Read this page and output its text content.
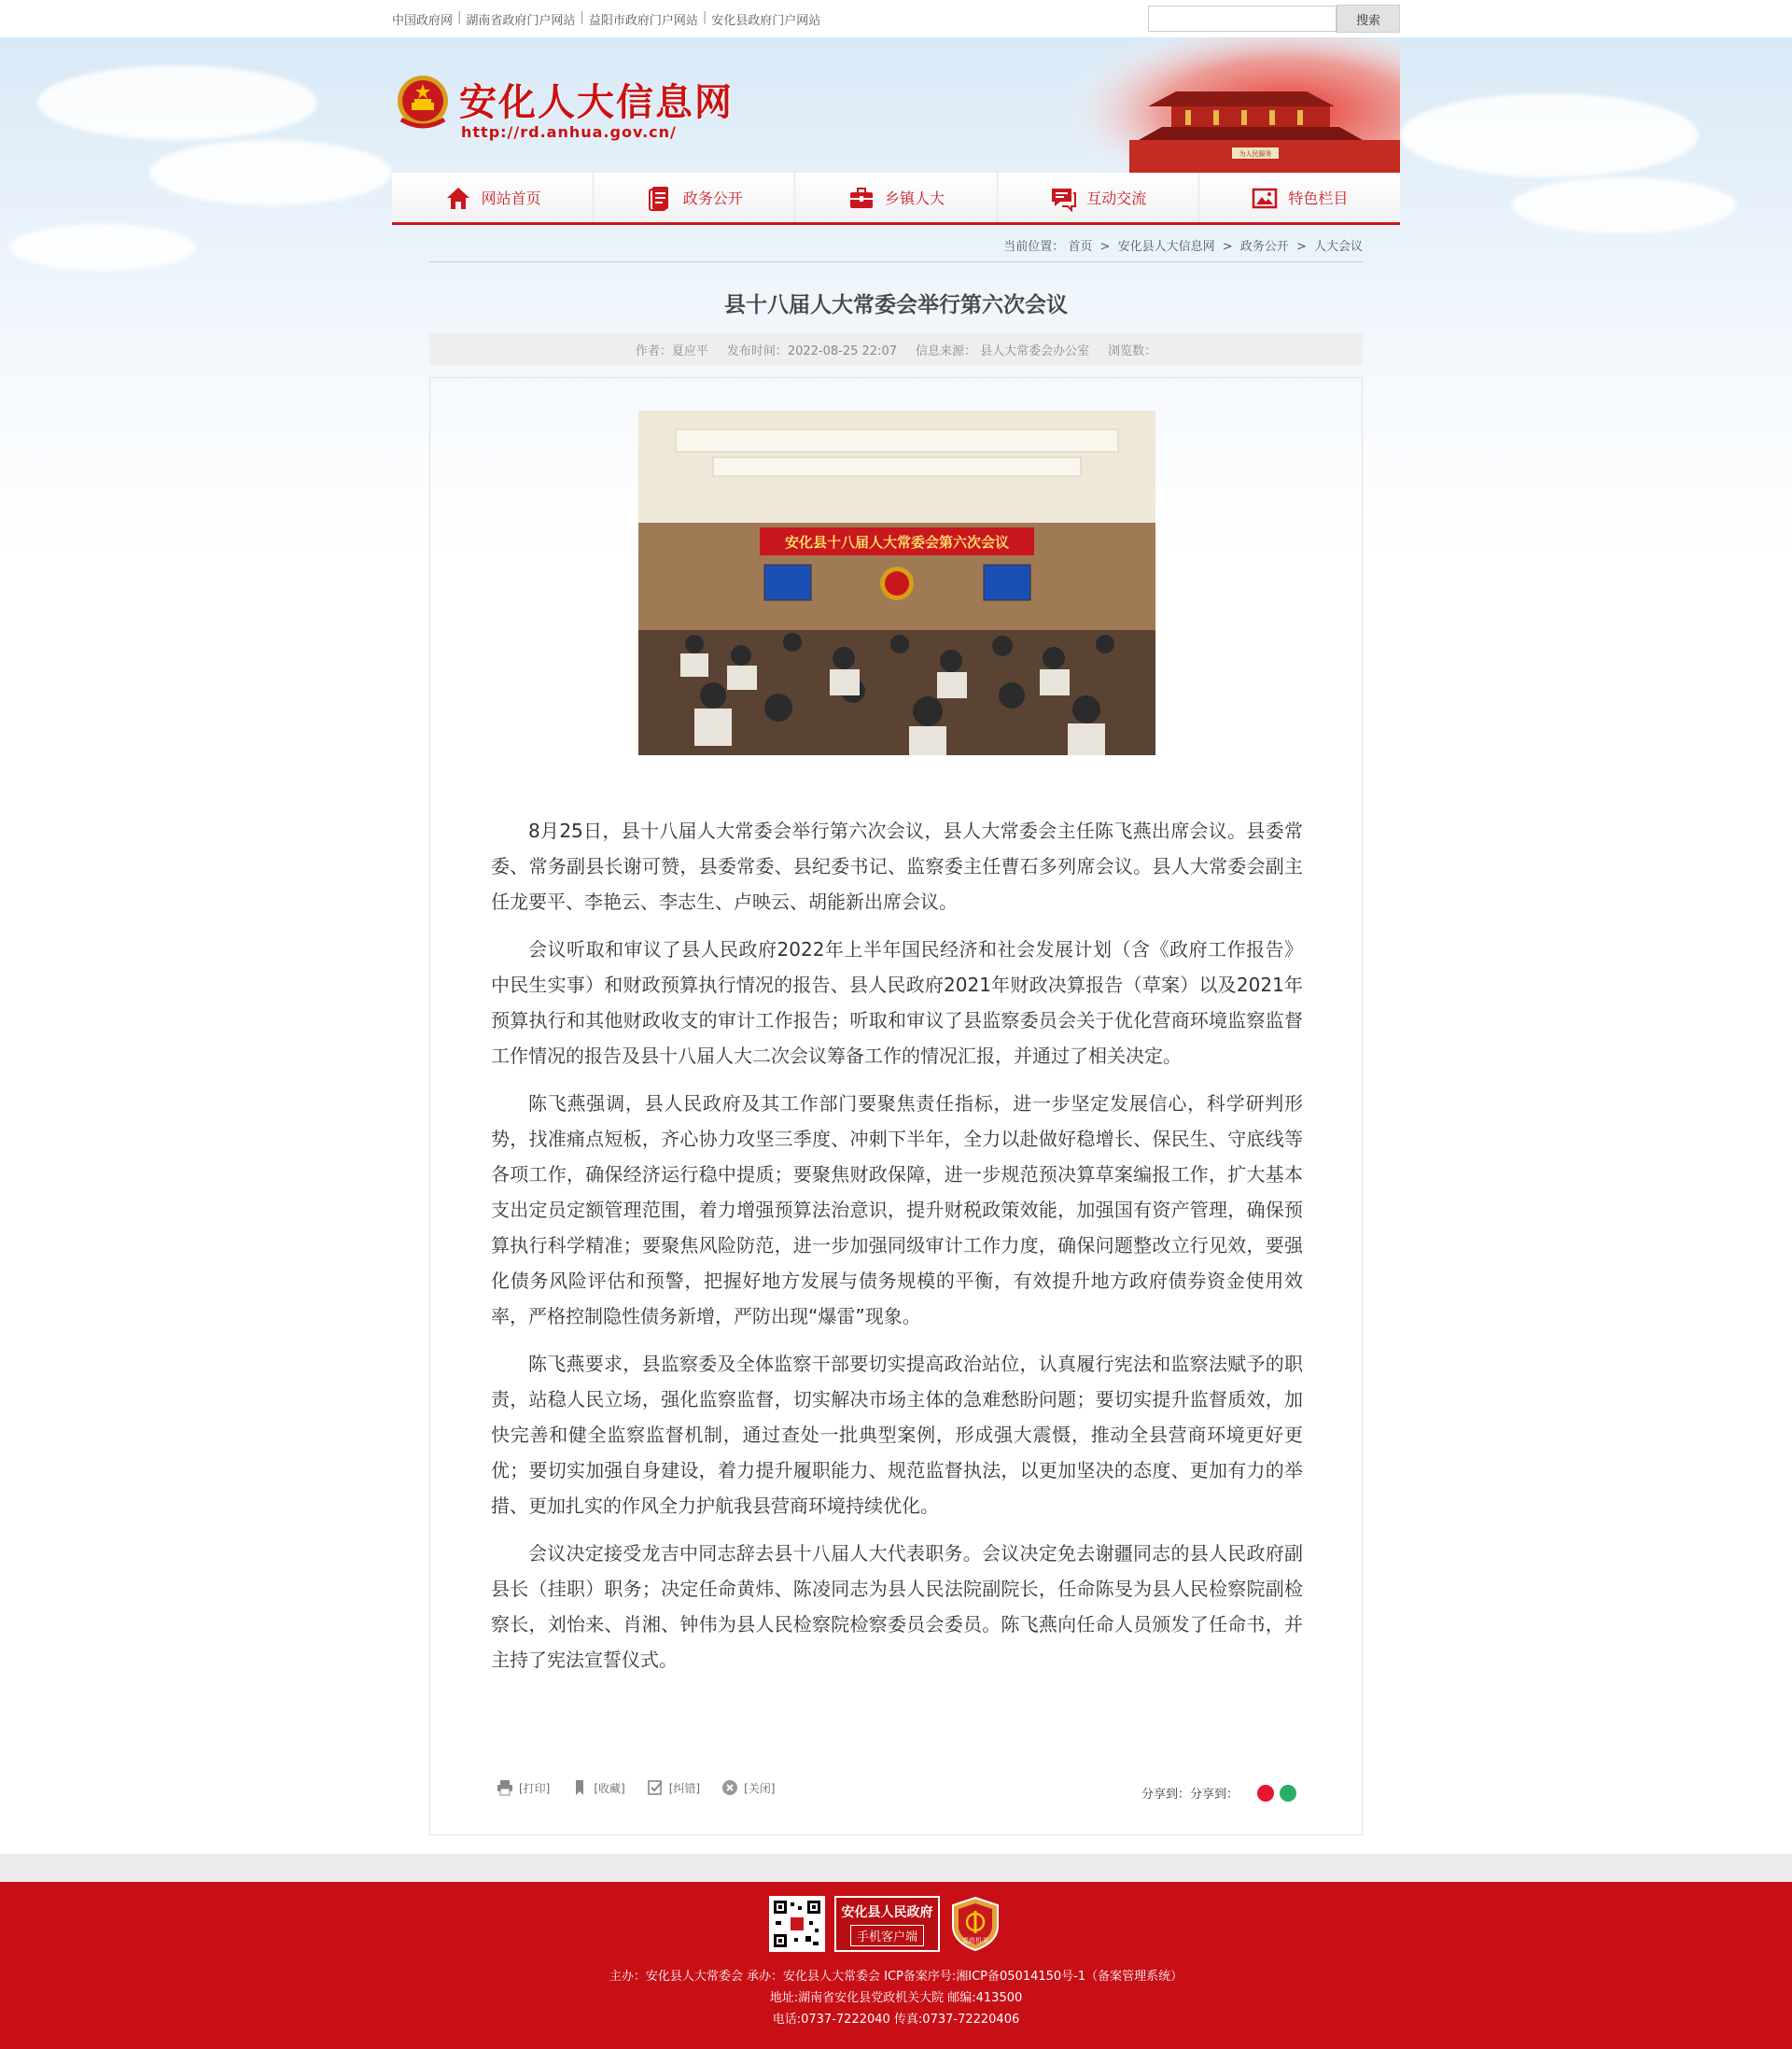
中国政府网 | 湖南省政府门户网站 | 益阳市政府门户网站 | 安化县政府门户网站	搜索
安化人大信息网
http://rd.anhua.gov.cn/
为人民服务
网站首页	政务公开	乡镇人大	互动交流	特色栏目
当前位置： 首页 > 安化县人大信息网 > 政务公开 > 人大会议
县十八届人大常委会举行第六次会议
作者：夏应平 发布时间：2022-08-25 22:07 信息来源： 县人大常委会办公室 浏览数：
安化县十八届人大常委会第六次会议

8月25日，县十八届人大常委会举行第六次会议，县人大常委会主任陈飞燕出席会议。县委常委、常务副县长谢可赞，县委常委、县纪委书记、监察委主任曹石多列席会议。县人大常委会副主任龙要平、李艳云、李志生、卢映云、胡能新出席会议。

会议听取和审议了县人民政府2022年上半年国民经济和社会发展计划（含《政府工作报告》中民生实事）和财政预算执行情况的报告、县人民政府2021年财政决算报告（草案）以及2021年预算执行和其他财政收支的审计工作报告；听取和审议了县监察委员会关于优化营商环境监察监督工作情况的报告及县十八届人大二次会议筹备工作的情况汇报，并通过了相关决定。

陈飞燕强调，县人民政府及其工作部门要聚焦责任指标，进一步坚定发展信心，科学研判形势，找准痛点短板，齐心协力攻坚三季度、冲刺下半年，全力以赴做好稳增长、保民生、守底线等各项工作，确保经济运行稳中提质；要聚焦财政保障，进一步规范预决算草案编报工作，扩大基本支出定员定额管理范围，着力增强预算法治意识，提升财税政策效能，加强国有资产管理，确保预算执行科学精准；要聚焦风险防范，进一步加强同级审计工作力度，确保问题整改立行见效，要强化债务风险评估和预警，把握好地方发展与债务规模的平衡，有效提升地方政府债券资金使用效率，严格控制隐性债务新增，严防出现“爆雷”现象。

陈飞燕要求，县监察委及全体监察干部要切实提高政治站位，认真履行宪法和监察法赋予的职责，站稳人民立场，强化监察监督，切实解决市场主体的急难愁盼问题；要切实提升监督质效，加快完善和健全监察监督机制，通过查处一批典型案例，形成强大震慑，推动全县营商环境更好更优；要切实加强自身建设，着力提升履职能力、规范监督执法，以更加坚决的态度、更加有力的举措、更加扎实的作风全力护航我县营商环境持续优化。

会议决定接受龙吉中同志辞去县十八届人大代表职务。会议决定免去谢疆同志的县人民政府副县长（挂职）职务；决定任命黄炜、陈凌同志为县人民法院副院长，任命陈旻为县人民检察院副检察长，刘怡来、肖湘、钟伟为县人民检察院检察委员会委员。陈飞燕向任命人员颁发了任命书，并主持了宪法宣誓仪式。

[打印]	[收藏]	[纠错]	[关闭]	分享到：分享到：
安化县人民政府
手机客户端	党政机关
主办：安化县人大常委会 承办：安化县人大常委会 ICP备案序号:湘ICP备05014150号-1（备案管理系统）
地址:湖南省安化县党政机关大院 邮编:413500
电话:0737-7222040 传真:0737-72220406
